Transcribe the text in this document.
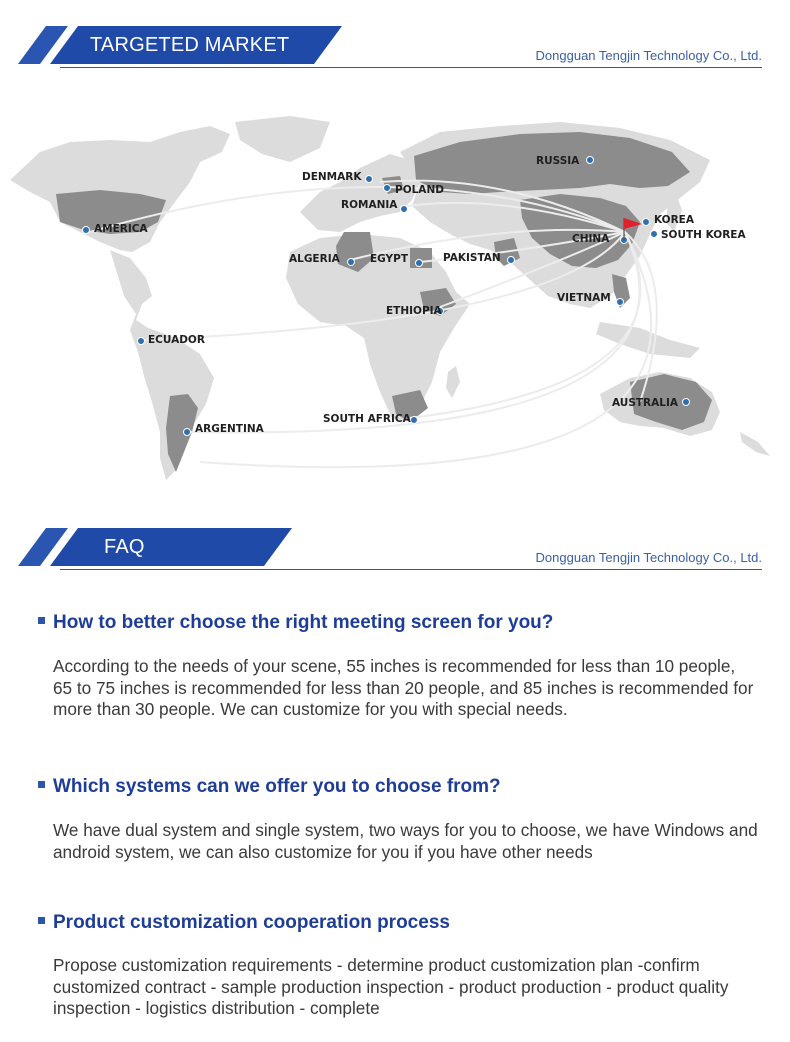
TARGETED MARKET	Dongguan Tengjin Technology Co., Ltd.
RUSSIA
DENMARK
POLAND
ROMANIA
AMERICA
ALGERIA	EGYPT	PAKISTAN
KOREA
SOUTH KOREA
CHINA
ETHIOPIA
VIETNAM
ECUADOR
AUSTRALIA
SOUTH AFRICA
ARGENTINA
FAQ	Dongguan Tengjin Technology Co., Ltd.
How to better choose the right meeting screen for you?
According to the needs of your scene, 55 inches is recommended for less than 10 people, 65 to 75 inches is recommended for less than 20 people, and 85 inches is recommended for more than 30 people. We can customize for you with special needs.
Which systems can we offer you to choose from?
We have dual system and single system, two ways for you to choose, we have Windows and android system, we can also customize for you if you have other needs
Product customization cooperation process
Propose customization requirements - determine product customization plan -confirm customized contract - sample production inspection - product production - product quality inspection - logistics distribution - complete
